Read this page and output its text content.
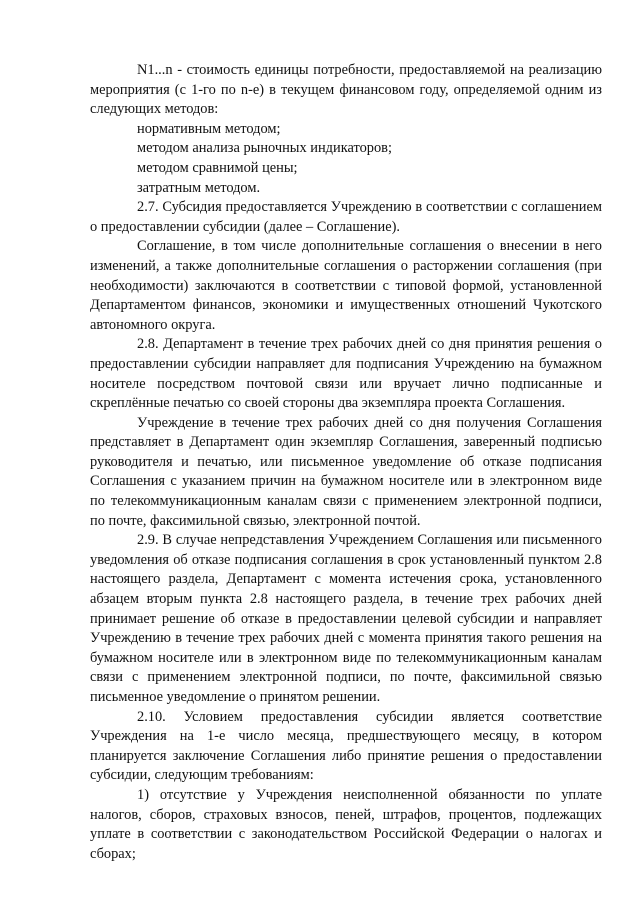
N1...n - стоимость единицы потребности, предоставляемой на реализацию мероприятия (с 1-го по n-е) в текущем финансовом году, определяемой одним из следующих методов:

нормативным методом;

методом анализа рыночных индикаторов;

методом сравнимой цены;

затратным методом.

2.7. Субсидия предоставляется Учреждению в соответствии с соглашением о предоставлении субсидии (далее – Соглашение).

Соглашение, в том числе дополнительные соглашения о внесении в него изменений, а также дополнительные соглашения о расторжении соглашения (при необходимости) заключаются в соответствии с типовой формой, установленной Департаментом финансов, экономики и имущественных отношений Чукотского автономного округа.

2.8. Департамент в течение трех рабочих дней со дня принятия решения о предоставлении субсидии направляет для подписания Учреждению на бумажном носителе посредством почтовой связи или вручает лично подписанные и скреплённые печатью со своей стороны два экземпляра проекта Соглашения.

Учреждение в течение трех рабочих дней со дня получения Соглашения представляет в Департамент один экземпляр Соглашения, заверенный подписью руководителя и печатью, или письменное уведомление об отказе подписания Соглашения с указанием причин на бумажном носителе или в электронном виде по телекоммуникационным каналам связи с применением электронной подписи, по почте, факсимильной связью, электронной почтой.

2.9. В случае непредставления Учреждением Соглашения или письменного уведомления об отказе подписания соглашения в срок установленный пунктом 2.8 настоящего раздела, Департамент с момента истечения срока, установленного абзацем вторым пункта 2.8 настоящего раздела, в течение трех рабочих дней принимает решение об отказе в предоставлении целевой субсидии и направляет Учреждению в течение трех рабочих дней с момента принятия такого решения на бумажном носителе или в электронном виде по телекоммуникационным каналам связи с применением электронной подписи, по почте, факсимильной связью письменное уведомление о принятом решении.

2.10. Условием предоставления субсидии является соответствие Учреждения на 1-е число месяца, предшествующего месяцу, в котором планируется заключение Соглашения либо принятие решения о предоставлении субсидии, следующим требованиям:

1) отсутствие у Учреждения неисполненной обязанности по уплате налогов, сборов, страховых взносов, пеней, штрафов, процентов, подлежащих уплате в соответствии с законодательством Российской Федерации о налогах и сборах;
